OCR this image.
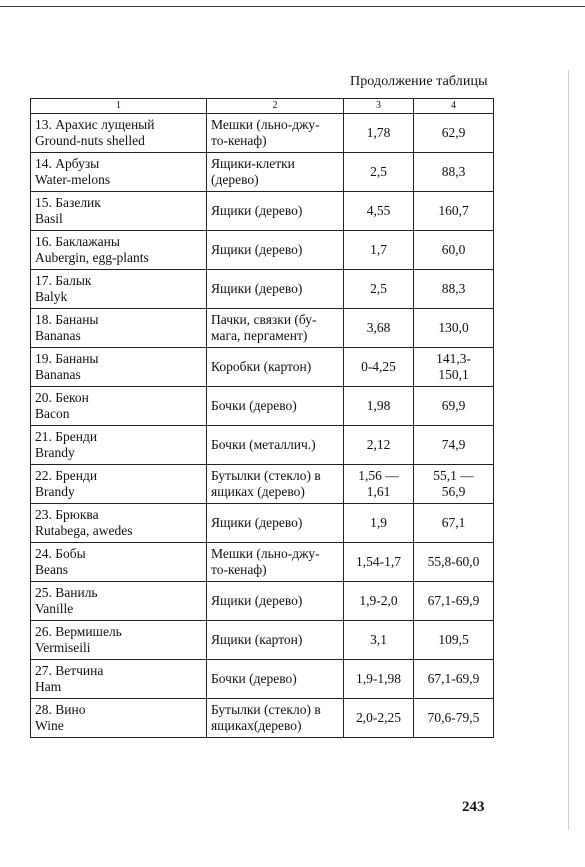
Продолжение таблицы
1	2	3	4

13. Арахис лущеный
Ground-nuts shelled	Мешки (льно-джу-
то-кенаф)	1,78	62,9

14. Арбузы
Water-melons	Ящики-клетки
(дерево)	2,5	88,3

15. Базелик
Basil	Ящики (дерево)	4,55	160,7

16. Баклажаны
Aubergin, egg-plants	Ящики (дерево)	1,7	60,0

17. Балык
Balyk	Ящики (дерево)	2,5	88,3

18. Бананы
Bananas	Пачки, связки (бу-
мага, пергамент)	3,68	130,0

19. Бананы
Bananas	Коробки (картон)	0-4,25	141,3-
150,1

20. Бекон
Bacon	Бочки (дерево)	1,98	69,9

21. Бренди
Brandy	Бочки (металлич.)	2,12	74,9

22. Бренди
Brandy	Бутылки (стекло) в
ящиках (дерево)	1,56 —
1,61	55,1 —
56,9

23. Брюква
Rutabega, awedes	Ящики (дерево)	1,9	67,1

24. Бобы
Beans	Мешки (льно-джу-
то-кенаф)	1,54-1,7	55,8-60,0

25. Ваниль
Vanille	Ящики (дерево)	1,9-2,0	67,1-69,9

26. Вермишель
Vermiseili	Ящики (картон)	3,1	109,5

27. Ветчина
Ham	Бочки (дерево)	1,9-1,98	67,1-69,9

28. Вино
Wine	Бутылки (стекло) в
ящиках(дерево)	2,0-2,25	70,6-79,5
243
